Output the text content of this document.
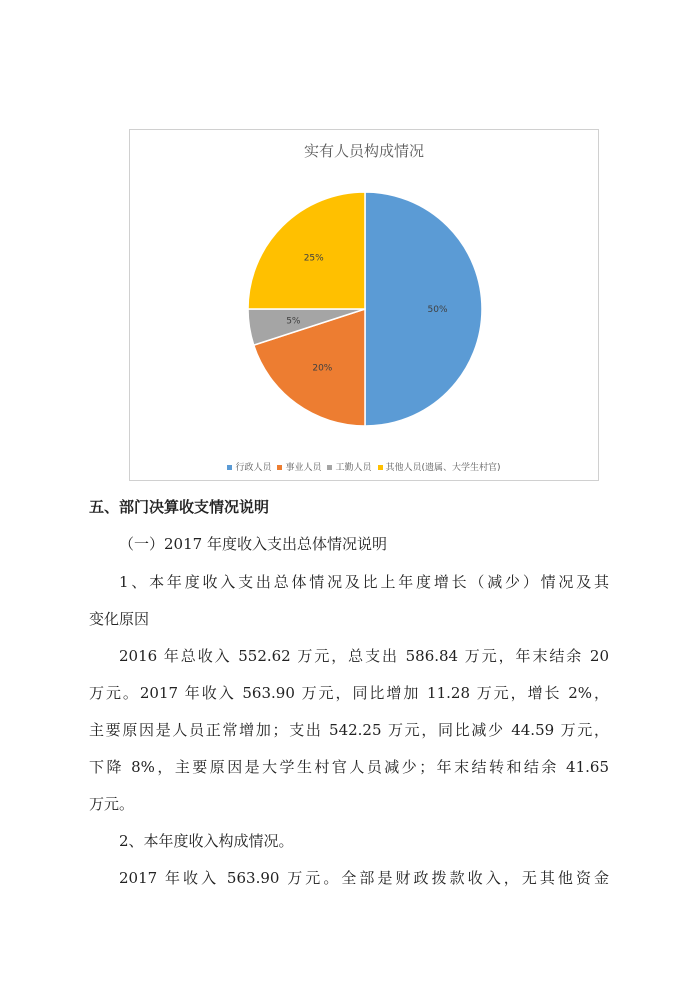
实有人员构成情况
50%
20%
5%
25%
行政人员 事业人员 工勤人员 其他人员(遗属、大学生村官)
五、部门决算收支情况说明
（一）2017 年度收入支出总体情况说明
1、本年度收入支出总体情况及比上年度增长（减少）情况及其
变化原因
2016 年总收入 552.62 万元，总支出 586.84 万元，年末结余 20
万元。2017 年收入 563.90 万元，同比增加 11.28 万元，增长 2%，
主要原因是人员正常增加；支出 542.25 万元，同比减少 44.59 万元，
下降 8%，主要原因是大学生村官人员减少；年末结转和结余 41.65
万元。
2、本年度收入构成情况。
2017 年收入 563.90 万元。全部是财政拨款收入，无其他资金
